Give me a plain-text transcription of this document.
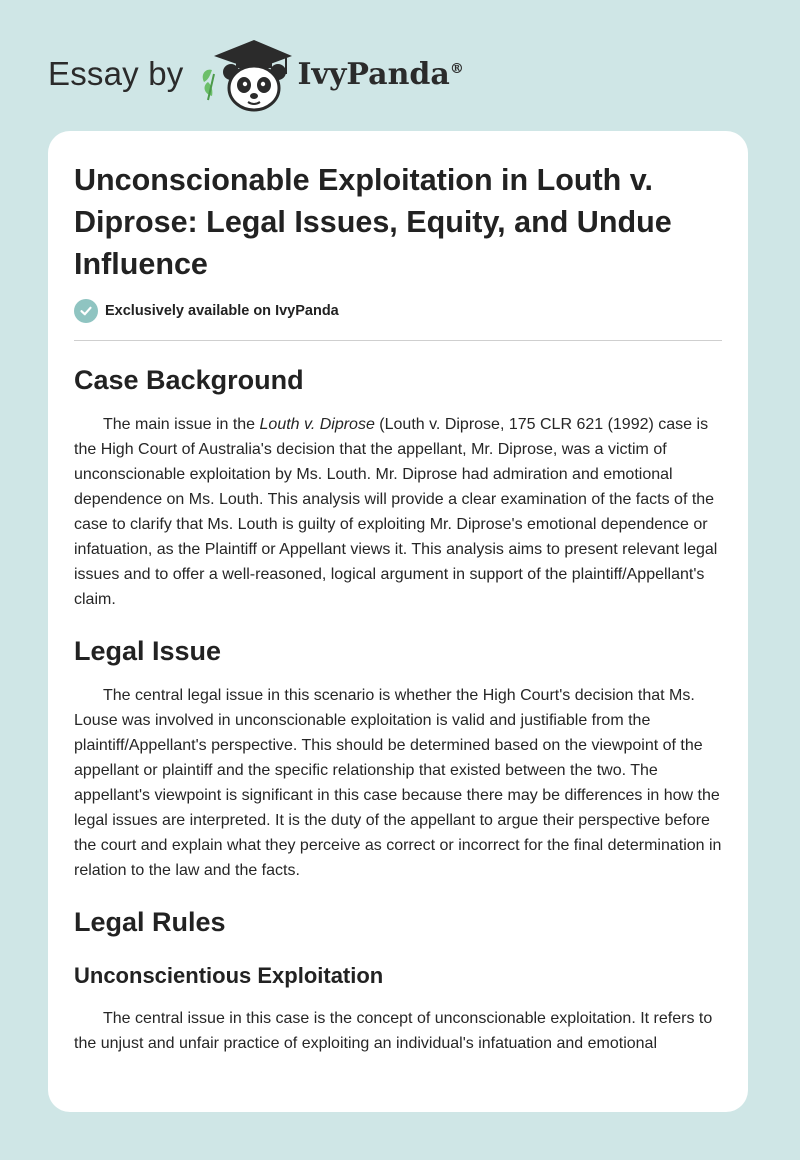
Essay by	IvyPanda®
Unconscionable Exploitation in Louth v. Diprose: Legal Issues, Equity, and Undue Influence
Exclusively available on IvyPanda
Case Background

The main issue in the Louth v. Diprose (Louth v. Diprose, 175 CLR 621 (1992) case is the High Court of Australia's decision that the appellant, Mr. Diprose, was a victim of unconscionable exploitation by Ms. Louth. Mr. Diprose had admiration and emotional dependence on Ms. Louth. This analysis will provide a clear examination of the facts of the case to clarify that Ms. Louth is guilty of exploiting Mr. Diprose's emotional dependence or infatuation, as the Plaintiff or Appellant views it. This analysis aims to present relevant legal issues and to offer a well-reasoned, logical argument in support of the plaintiff/Appellant's claim.

Legal Issue

The central legal issue in this scenario is whether the High Court's decision that Ms. Louse was involved in unconscionable exploitation is valid and justifiable from the plaintiff/Appellant's perspective. This should be determined based on the viewpoint of the appellant or plaintiff and the specific relationship that existed between the two. The appellant's viewpoint is significant in this case because there may be differences in how the legal issues are interpreted. It is the duty of the appellant to argue their perspective before the court and explain what they perceive as correct or incorrect for the final determination in relation to the law and the facts.

Legal Rules
Unconscientious Exploitation

The central issue in this case is the concept of unconscionable exploitation. It refers to the unjust and unfair practice of exploiting an individual's infatuation and emotional
